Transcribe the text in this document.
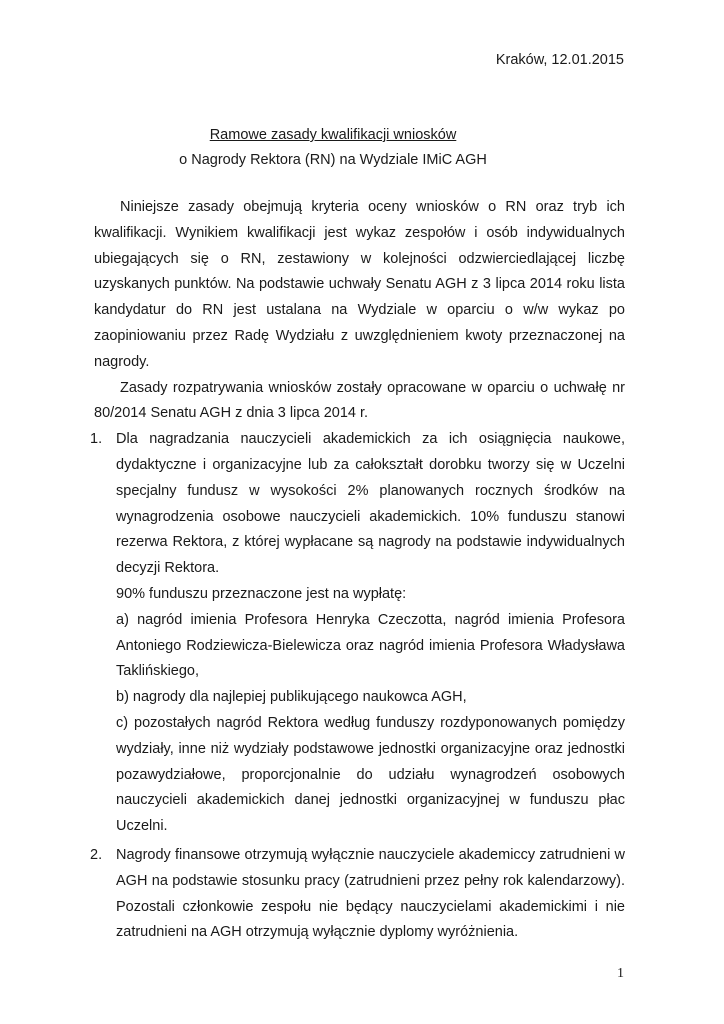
Kraków, 12.01.2015
Ramowe zasady kwalifikacji wniosków
o Nagrody Rektora (RN) na Wydziale IMiC AGH

Niniejsze zasady obejmują kryteria oceny wniosków o RN oraz tryb ich kwalifikacji. Wynikiem kwalifikacji jest wykaz zespołów i osób indywidualnych ubiegających się o RN, zestawiony w kolejności odzwierciedlającej liczbę uzyskanych punktów. Na podstawie uchwały Senatu AGH z 3 lipca 2014 roku lista kandydatur do RN jest ustalana na Wydziale w oparciu o w/w wykaz po zaopiniowaniu przez Radę Wydziału z uwzględnieniem kwoty przeznaczonej na nagrody.

Zasady rozpatrywania wniosków zostały opracowane w oparciu o uchwałę nr 80/2014 Senatu AGH z dnia 3 lipca 2014 r.

1. Dla nagradzania nauczycieli akademickich za ich osiągnięcia naukowe, dydaktyczne i organizacyjne lub za całokształt dorobku tworzy się w Uczelni specjalny fundusz w wysokości 2% planowanych rocznych środków na wynagrodzenia osobowe nauczycieli akademickich. 10% funduszu stanowi rezerwa Rektora, z której wypłacane są nagrody na podstawie indywidualnych decyzji Rektora.

90% funduszu przeznaczone jest na wypłatę:

a) nagród imienia Profesora Henryka Czeczotta, nagród imienia Profesora Antoniego Rodziewicza-Bielewicza oraz nagród imienia Profesora Władysława Taklińskiego,

b) nagrody dla najlepiej publikującego naukowca AGH,

c) pozostałych nagród Rektora według funduszy rozdyponowanych pomiędzy wydziały, inne niż wydziały podstawowe jednostki organizacyjne oraz jednostki pozawydziałowe, proporcjonalnie do udziału wynagrodzeń osobowych nauczycieli akademickich danej jednostki organizacyjnej w funduszu płac Uczelni.

2. Nagrody finansowe otrzymują wyłącznie nauczyciele akademiccy zatrudnieni w AGH na podstawie stosunku pracy (zatrudnieni przez pełny rok kalendarzowy). Pozostali członkowie zespołu nie będący nauczycielami akademickimi i nie zatrudnieni na AGH otrzymują wyłącznie dyplomy wyróżnienia.

1
